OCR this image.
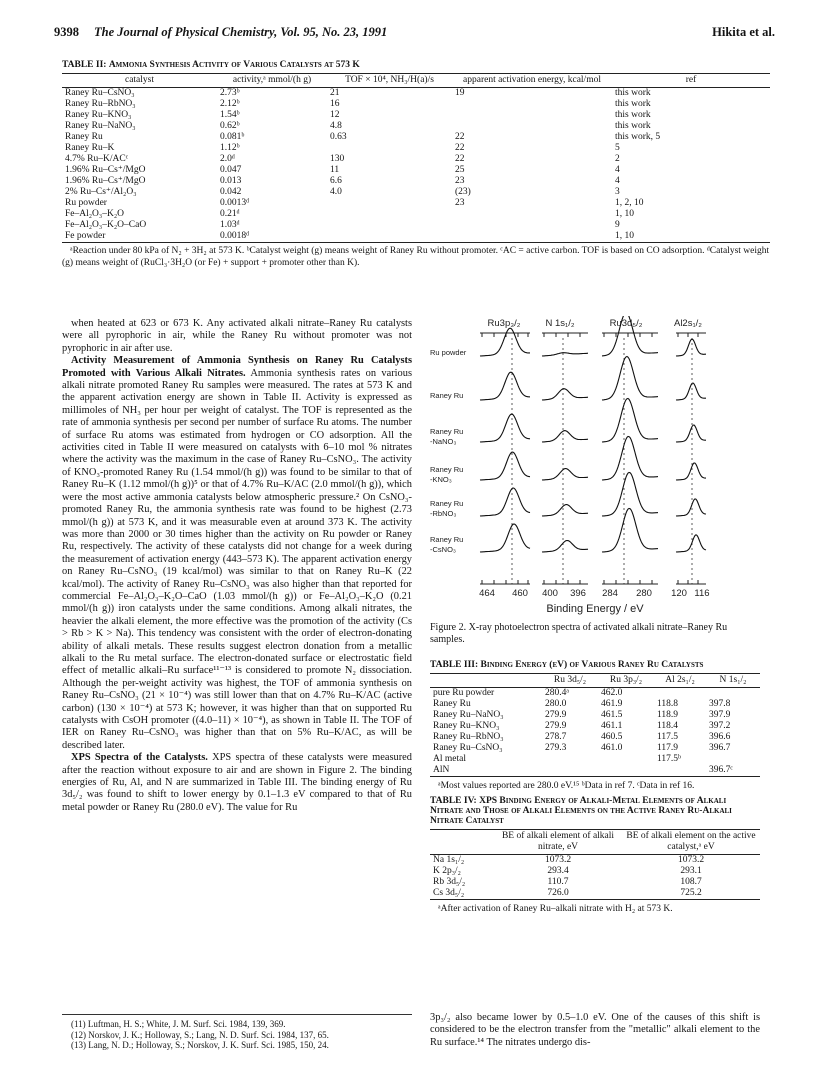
9398 The Journal of Physical Chemistry, Vol. 95, No. 23, 1991	Hikita et al.
TABLE II: Ammonia Synthesis Activity of Various Catalysts at 573 K
catalyst	activity,ᵃ mmol/(h g)	TOF × 10⁴, NH₃/H(a)/s	apparent activation energy, kcal/mol	ref
Raney Ru–CsNO₃	2.73ᵇ	21	19	this work
Raney Ru–RbNO₃	2.12ᵇ	16		this work
Raney Ru–KNO₃	1.54ᵇ	12		this work
Raney Ru–NaNO₃	0.62ᵇ	4.8		this work
Raney Ru	0.081ᵇ	0.63	22	this work, 5
Raney Ru–K	1.12ᵇ		22	5
4.7% Ru–K/ACᶜ	2.0ᵈ	130	22	2
1.96% Ru–Cs⁺/MgO	0.047	11	25	4
1.96% Ru–Cs⁺/MgO	0.013	6.6	23	4
2% Ru–Cs⁺/Al₂O₃	0.042	4.0	(23)	3
Ru powder	0.0013ᵈ		23	1, 2, 10
Fe–Al₂O₃–K₂O	0.21ᵈ			1, 10
Fe–Al₂O₃–K₂O–CaO	1.03ᵈ			9
Fe powder	0.0018ᵈ			1, 10
ᵃReaction under 80 kPa of N₂ + 3H₂ at 573 K. ᵇCatalyst weight (g) means weight of Raney Ru without promoter. ᶜAC = active carbon. TOF is based on CO adsorption. ᵈCatalyst weight (g) means weight of (RuCl₃·3H₂O (or Fe) + support + promoter other than K).

when heated at 623 or 673 K. Any activated alkali nitrate–Raney Ru catalysts were all pyrophoric in air, while the Raney Ru without promoter was not pyrophoric in air after use.

Activity Measurement of Ammonia Synthesis on Raney Ru Catalysts Promoted with Various Alkali Nitrates. Ammonia synthesis rates on various alkali nitrate promoted Raney Ru samples were measured. The rates at 573 K and the apparent activation energy are shown in Table II. Activity is expressed as millimoles of NH₃ per hour per weight of catalyst. The TOF is represented as the rate of ammonia synthesis per second per number of surface Ru atoms. The number of surface Ru atoms was estimated from hydrogen or CO adsorption. All the activities cited in Table II were measured on catalysts with 6–10 mol % nitrates where the activity was the maximum in the case of Raney Ru–CsNO₃. The activity of KNO₃-promoted Raney Ru (1.54 mmol/(h g)) was found to be similar to that of Raney Ru–K (1.12 mmol/(h g))⁵ or that of 4.7% Ru–K/AC (2.0 mmol/(h g)), which were the most active ammonia catalysts below atmospheric pressure.² On CsNO₃-promoted Raney Ru, the ammonia synthesis rate was found to be highest (2.73 mmol/(h g)) at 573 K, and it was measurable even at around 373 K. The activity was more than 2000 or 30 times higher than the activity on Ru powder or Raney Ru, respectively. The activity of these catalysts did not change for a week during the measurement of activation energy (443–573 K). The apparent activation energy on Raney Ru–CsNO₃ (19 kcal/mol) was similar to that on Raney Ru–K (22 kcal/mol). The activity of Raney Ru–CsNO₃ was also higher than that reported for commercial Fe–Al₂O₃–K₂O–CaO (1.03 mmol/(h g)) or Fe–Al₂O₃–K₂O (0.21 mmol/(h g)) iron catalysts under the same conditions. Among alkali nitrates, the heavier the alkali element, the more effective was the promotion of the activity (Cs > Rb > K > Na). This tendency was consistent with the order of electron-donating ability of alkali metals. These results suggest electron donation from a metallic alkali to the Ru metal surface. The electron-donated surface or electrostatic field effect of metallic alkali–Ru surface¹¹⁻¹³ is considered to promote N₂ dissociation. Although the per-weight activity was highest, the TOF of ammonia synthesis on Raney Ru–CsNO₃ (21 × 10⁻⁴) was still lower than that on 4.7% Ru–K/AC (active carbon) (130 × 10⁻⁴) at 573 K; however, it was higher than that on supported Ru catalysts with CsOH promoter ((4.0–11) × 10⁻⁴), as shown in Table II. The TOF of IER on Raney Ru–CsNO₃ was higher than that on 5% Ru–K/AC, as will be described later.

XPS Spectra of the Catalysts. XPS spectra of these catalysts were measured after the reaction without exposure to air and are shown in Figure 2. The binding energies of Ru, Al, and N are summarized in Table III. The binding energy of Ru 3d₅/₂ was found to shift to lower energy by 0.1–1.3 eV compared to that of Ru metal powder or Raney Ru (280.0 eV). The value for Ru

(11) Luftman, H. S.; White, J. M. Surf. Sci. 1984, 139, 369.
(12) Norskov, J. K.; Holloway, S.; Lang, N. D. Surf. Sci. 1984, 137, 65.
(13) Lang, N. D.; Holloway, S.; Norskov, J. K. Surf. Sci. 1985, 150, 24.
Ru3p₃/₂	N 1s₁/₂	Ru3d₅/₂	Al2s₁/₂
Ru powder
Raney Ru
Raney Ru
-NaNO₃
Raney Ru
-KNO₃
Raney Ru
-RbNO₃
Raney Ru
-CsNO₃
464 460 400 396 284 280 120 116
Binding Energy / eV
Figure 2. X-ray photoelectron spectra of activated alkali nitrate–Raney Ru samples.
TABLE III: Binding Energy (eV) of Various Raney Ru Catalysts
	Ru 3d₅/₂	Ru 3p₃/₂	Al 2s₁/₂	N 1s₁/₂
pure Ru powder	280.4ᵃ	462.0		
Raney Ru	280.0	461.9	118.8	397.8
Raney Ru–NaNO₃	279.9	461.5	118.9	397.9
Raney Ru–KNO₃	279.9	461.1	118.4	397.2
Raney Ru–RbNO₃	278.7	460.5	117.5	396.6
Raney Ru–CsNO₃	279.3	461.0	117.9	396.7
Al metal			117.5ᵇ	
AlN				396.7ᶜ
ᵃMost values reported are 280.0 eV.¹⁵ ᵇData in ref 7. ᶜData in ref 16.
TABLE IV: XPS Binding Energy of Alkali-Metal Elements of Alkali Nitrate and Those of Alkali Elements on the Active Raney Ru-Alkali Nitrate Catalyst
	BE of alkali element of alkali nitrate, eV	BE of alkali element on the active catalyst,ᵃ eV
Na 1s₁/₂	1073.2	1073.2
K 2p₃/₂	293.4	293.1
Rb 3d₅/₂	110.7	108.7
Cs 3d₅/₂	726.0	725.2
ᵃAfter activation of Raney Ru–alkali nitrate with H₂ at 573 K.

3p₃/₂ also became lower by 0.5–1.0 eV. One of the causes of this shift is considered to be the electron transfer from the "metallic" alkali element to the Ru surface.¹⁴ The nitrates undergo dis-
